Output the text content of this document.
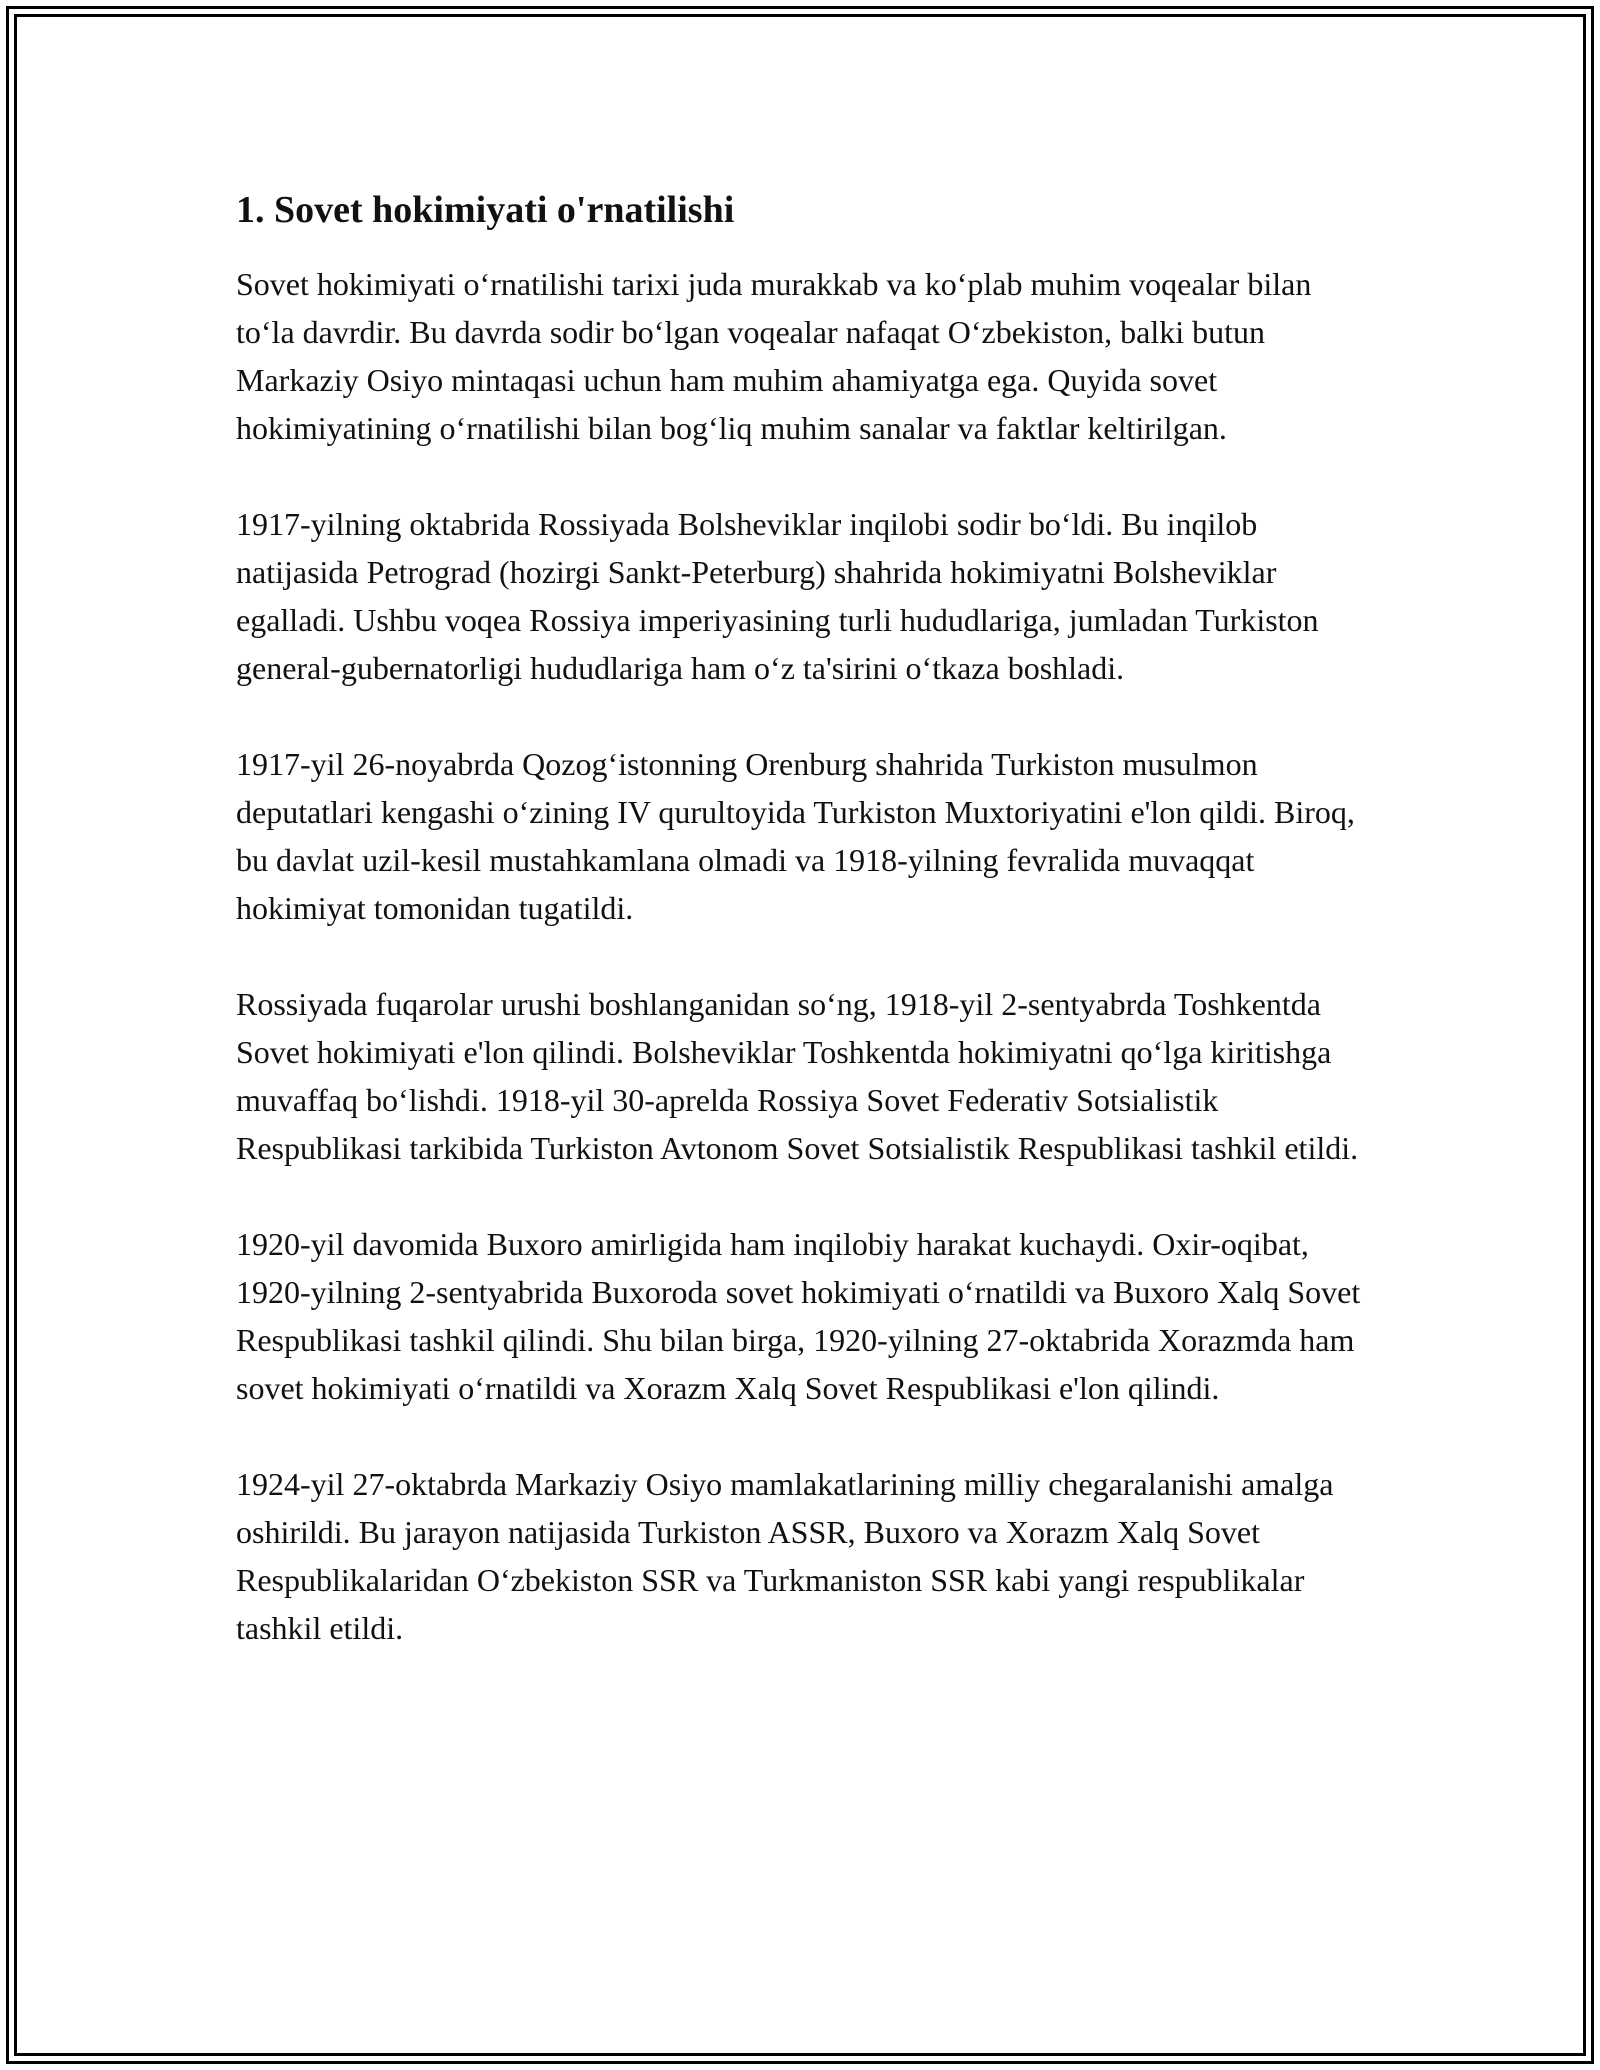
1. Sovet hokimiyati o'rnatilishi

Sovet hokimiyati oʻrnatilishi tarixi juda murakkab va koʻplab muhim voqealar bilan toʻla davrdir. Bu davrda sodir boʻlgan voqealar nafaqat Oʻzbekiston, balki butun Markaziy Osiyo mintaqasi uchun ham muhim ahamiyatga ega. Quyida sovet hokimiyatining oʻrnatilishi bilan bogʻliq muhim sanalar va faktlar keltirilgan.

1917-yilning oktabrida Rossiyada Bolsheviklar inqilobi sodir boʻldi. Bu inqilob natijasida Petrograd (hozirgi Sankt-Peterburg) shahrida hokimiyatni Bolsheviklar egalladi. Ushbu voqea Rossiya imperiyasining turli hududlariga, jumladan Turkiston general-gubernatorligi hududlariga ham oʻz ta'sirini oʻtkaza boshladi.

1917-yil 26-noyabrda Qozogʻistonning Orenburg shahrida Turkiston musulmon deputatlari kengashi oʻzining IV qurultoyida Turkiston Muxtoriyatini e'lon qildi. Biroq, bu davlat uzil-kesil mustahkamlana olmadi va 1918-yilning fevralida muvaqqat hokimiyat tomonidan tugatildi.

Rossiyada fuqarolar urushi boshlanganidan soʻng, 1918-yil 2-sentyabrda Toshkentda Sovet hokimiyati e'lon qilindi. Bolsheviklar Toshkentda hokimiyatni qoʻlga kiritishga muvaffaq boʻlishdi. 1918-yil 30-aprelda Rossiya Sovet Federativ Sotsialistik Respublikasi tarkibida Turkiston Avtonom Sovet Sotsialistik Respublikasi tashkil etildi.

1920-yil davomida Buxoro amirligida ham inqilobiy harakat kuchaydi. Oxir-oqibat, 1920-yilning 2-sentyabrida Buxoroda sovet hokimiyati oʻrnatildi va Buxoro Xalq Sovet Respublikasi tashkil qilindi. Shu bilan birga, 1920-yilning 27-oktabrida Xorazmda ham sovet hokimiyati oʻrnatildi va Xorazm Xalq Sovet Respublikasi e'lon qilindi.

1924-yil 27-oktabrda Markaziy Osiyo mamlakatlarining milliy chegaralanishi amalga oshirildi. Bu jarayon natijasida Turkiston ASSR, Buxoro va Xorazm Xalq Sovet Respublikalaridan Oʻzbekiston SSR va Turkmaniston SSR kabi yangi respublikalar tashkil etildi.
